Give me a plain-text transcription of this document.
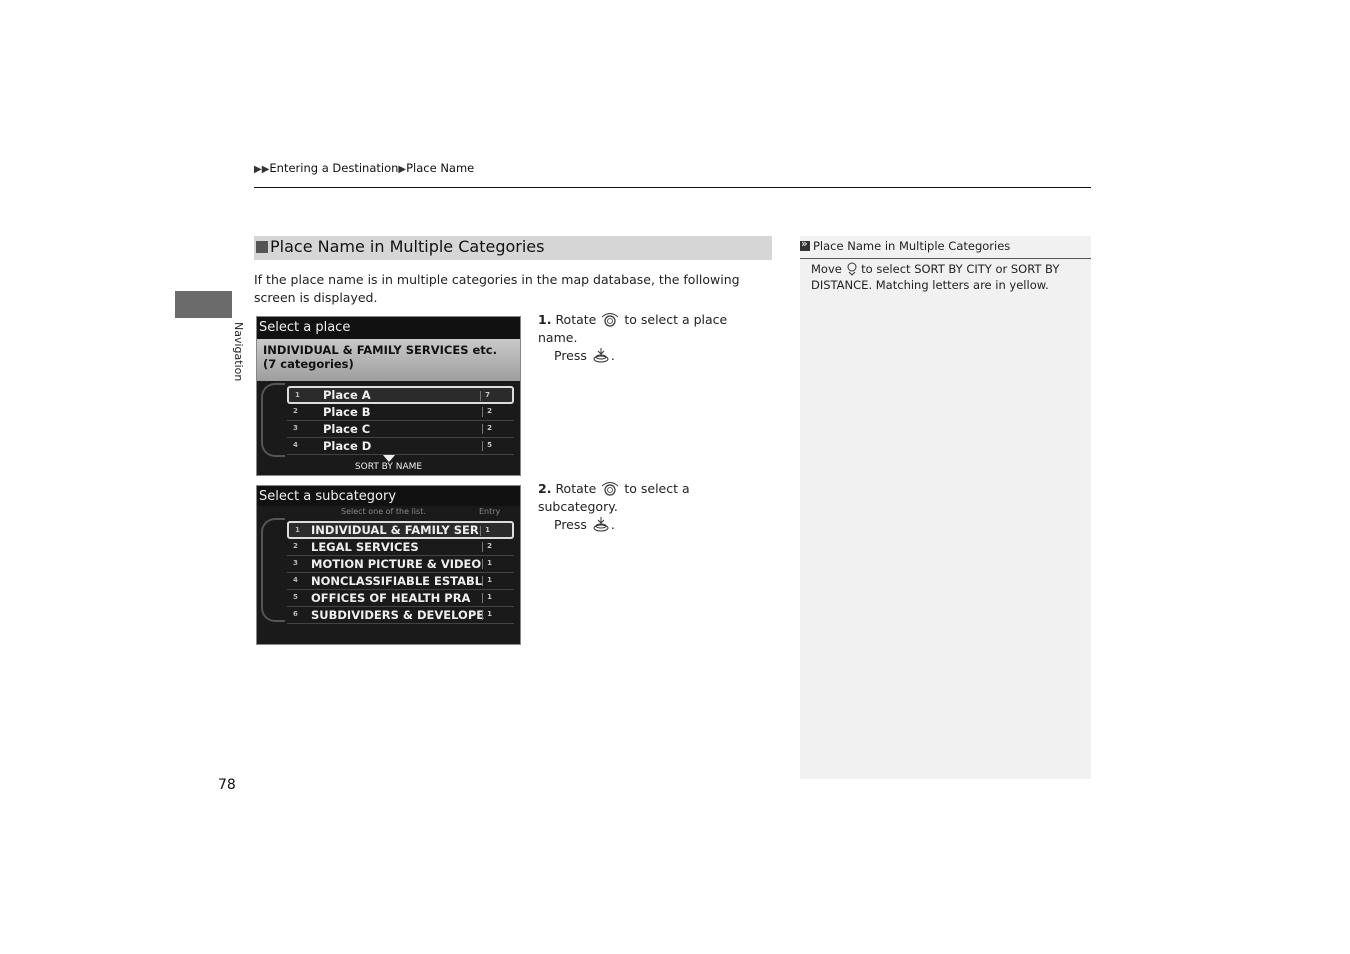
▶▶Entering a Destination▶Place Name
Navigation
78
Place Name in Multiple Categories
If the place name is in multiple categories in the map database, the following screen is displayed.
Select a place
INDIVIDUAL & FAMILY SERVICES etc.
(7 categories)
1 Place A	7
2 Place B	2
3 Place C	2
4 Place D	5
SORT BY NAME
1. Rotate to select a place name.
Press .
Select a subcategory
Select one of the list.	Entry
1 INDIVIDUAL & FAMILY SER 1
2 LEGAL SERVICES	2
3 MOTION PICTURE & VIDEO 1
4 NONCLASSIFIABLE ESTABL 1
5 OFFICES OF HEALTH PRA	1
6 SUBDIVIDERS & DEVELOPE 1
2. Rotate to select a subcategory.
Press .
»
Place Name in Multiple Categories
Move to select SORT BY CITY or SORT BY DISTANCE. Matching letters are in yellow.
